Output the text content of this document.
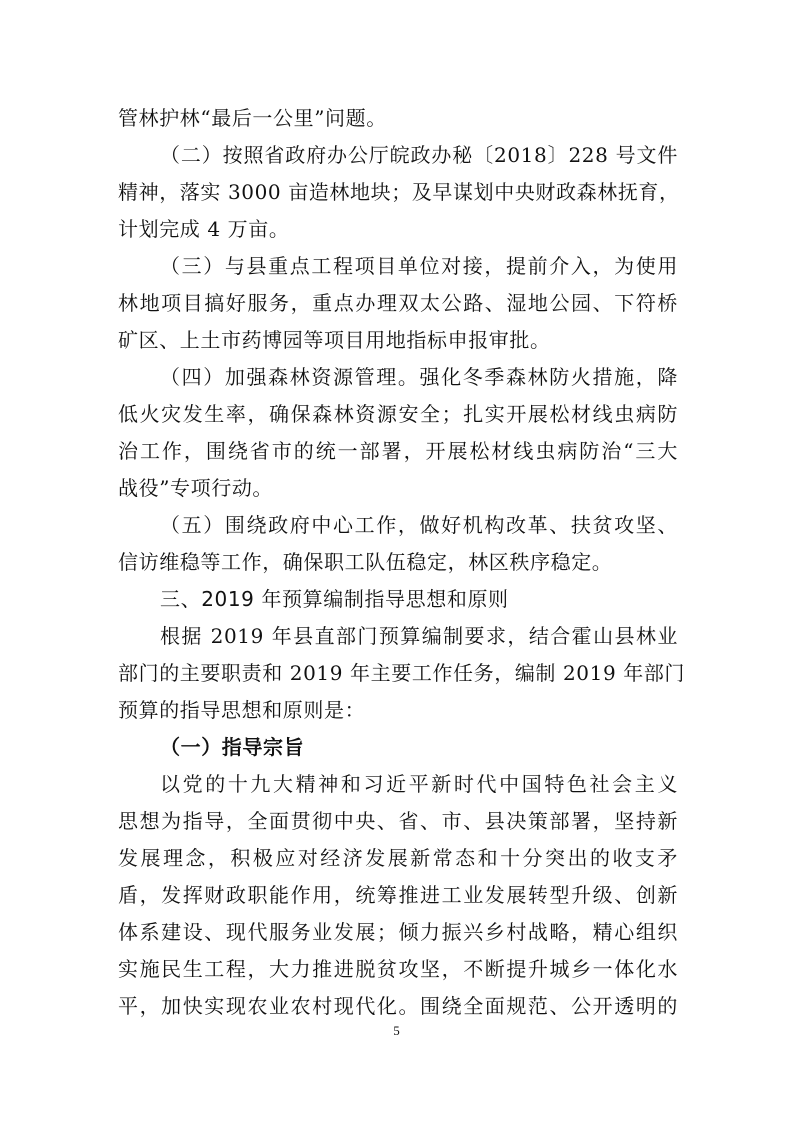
管林护林“最后一公里”问题。
（二）按照省政府办公厅皖政办秘〔2018〕228 号文件
精神，落实 3000 亩造林地块；及早谋划中央财政森林抚育，
计划完成 4 万亩。
（三）与县重点工程项目单位对接，提前介入，为使用
林地项目搞好服务，重点办理双太公路、湿地公园、下符桥
矿区、上土市药博园等项目用地指标申报审批。
（四）加强森林资源管理。强化冬季森林防火措施，降
低火灾发生率，确保森林资源安全；扎实开展松材线虫病防
治工作，围绕省市的统一部署，开展松材线虫病防治“三大
战役”专项行动。
（五）围绕政府中心工作，做好机构改革、扶贫攻坚、
信访维稳等工作，确保职工队伍稳定，林区秩序稳定。
三、2019 年预算编制指导思想和原则
根据 2019 年县直部门预算编制要求，结合霍山县林业
部门的主要职责和 2019 年主要工作任务，编制 2019 年部门
预算的指导思想和原则是：
（一）指导宗旨
以党的十九大精神和习近平新时代中国特色社会主义
思想为指导，全面贯彻中央、省、市、县决策部署，坚持新
发展理念，积极应对经济发展新常态和十分突出的收支矛
盾，发挥财政职能作用，统筹推进工业发展转型升级、创新
体系建设、现代服务业发展；倾力振兴乡村战略，精心组织
实施民生工程，大力推进脱贫攻坚，不断提升城乡一体化水
平，加快实现农业农村现代化。围绕全面规范、公开透明的
5
